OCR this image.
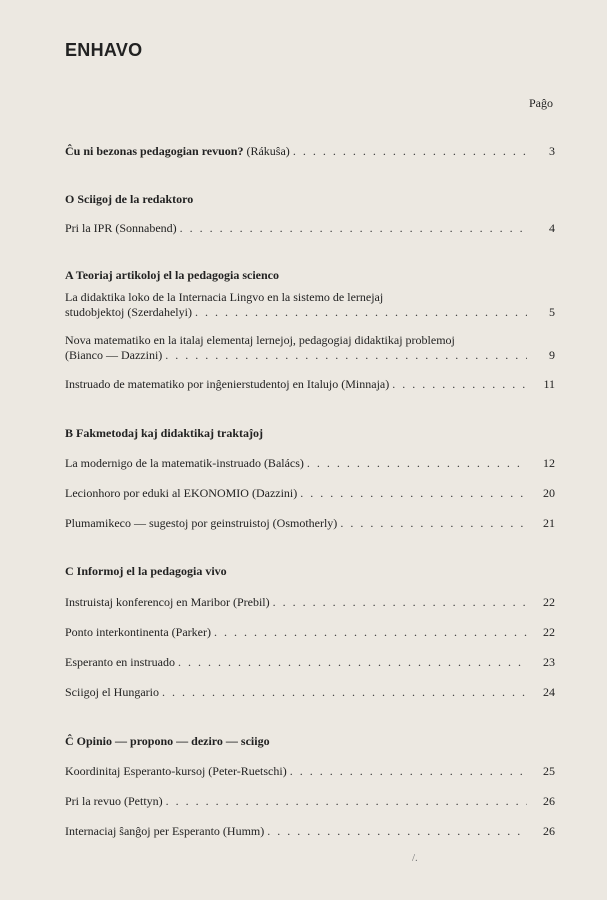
ENHAVO
Paĝo
Ĉu ni bezonas pedagogian revuon? (Rákuŝa) . . .	3
O Sciigoj de la redaktoro
Pri la IPR (Sonnabend) . . .	4
A Teoriaj artikoloj el la pedagogia scienco
La didaktika loko de la Internacia Lingvo en la sistemo de lernejaj
studobjektoj (Szerdahelyi) . . .	5
Nova matematiko en la italaj elementaj lernejoj, pedagogiaj didaktikaj problemoj
(Bianco — Dazzini) . . .	9
Instruado de matematiko por inĝenierstudentoj en Italujo (Minnaja) . . .	11
B Fakmetodaj kaj didaktikaj traktaĵoj
La modernigo de la matematik-instruado (Balács) . . .	12
Lecionhoro por eduki al EKONOMIO (Dazzini) . . .	20
Plumamikeco — sugestoj por geinstruistoj (Osmotherly) . . .	21
C Informoj el la pedagogia vivo
Instruistaj konferencoj en Maribor (Prebil) . . .	22
Ponto interkontinenta (Parker) . . .	22
Esperanto en instruado . . .	23
Sciigoj el Hungario . . .	24
Ĉ Opinio — propono — deziro — sciigo
Koordinitaj Esperanto-kursoj (Peter-Ruetschi) . . .	25
Pri la revuo (Pettyn) . . .	26
Internaciaj ŝanĝoj per Esperanto (Humm) . . .	26
/.
